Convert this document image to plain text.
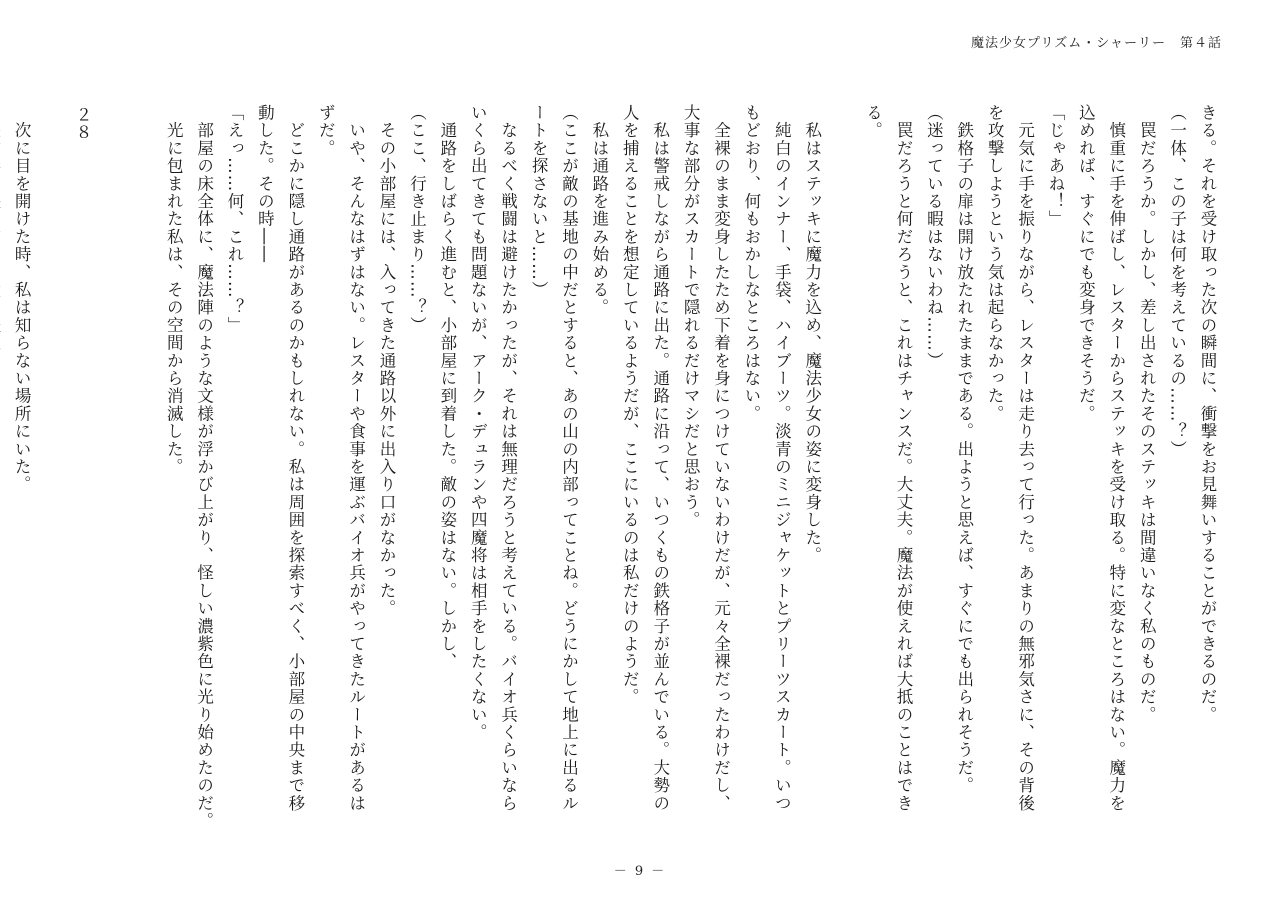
魔法少女プリズム・シャーリー　第４話
きる。それを受け取った次の瞬間に、衝撃をお見舞いすることができるのだ。
（一体、この子は何を考えているの……？）
　罠だろうか。しかし、差し出されたそのステッキは間違いなく私のものだ。
　慎重に手を伸ばし、レスターからステッキを受け取る。特に変なところはない。魔力を
込めれば、すぐにでも変身できそうだ。
「じゃあね！」
　元気に手を振りながら、レスターは走り去って行った。あまりの無邪気さに、その背後
を攻撃しようという気は起らなかった。
　鉄格子の扉は開け放たれたままである。出ようと思えば、すぐにでも出られそうだ。
（迷っている暇はないわね……）
　罠だろうと何だろうと、これはチャンスだ。大丈夫。魔法が使えれば大抵のことはでき
る。
　私はステッキに魔力を込め、魔法少女の姿に変身した。
　純白のインナー、手袋、ハイブーツ。淡青のミニジャケットとプリーツスカート。いつ
もどおり、何もおかしなところはない。
　全裸のまま変身したため下着を身につけていないわけだが、元々全裸だったわけだし、
大事な部分がスカートで隠れるだけマシだと思おう。
　私は警戒しながら通路に出た。通路に沿って、いつくもの鉄格子が並んでいる。大勢の
人を捕えることを想定しているようだが、ここにいるのは私だけのようだ。
　私は通路を進み始める。
（ここが敵の基地の中だとすると、あの山の内部ってことね。どうにかして地上に出るル
ートを探さないと……）
　なるべく戦闘は避けたかったが、それは無理だろうと考えている。バイオ兵くらいなら
いくら出てきても問題ないが、アーク・デュランや四魔将は相手をしたくない。
　通路をしばらく進むと、小部屋に到着した。敵の姿はない。しかし、
（ここ、行き止まり……？）
　その小部屋には、入ってきた通路以外に出入り口がなかった。
　いや、そんなはずはない。レスターや食事を運ぶバイオ兵がやってきたルートがあるは
ずだ。
　どこかに隠し通路があるのかもしれない。私は周囲を探索すべく、小部屋の中央まで移
動した。その時――
「えっ……何、これ……？」
　部屋の床全体に、魔法陣のような文様が浮かび上がり、怪しい濃紫色に光り始めたのだ。
　光に包まれた私は、その空間から消滅した。
２８
　次に目を開けた時、私は知らない場所にいた。
－ 9 －
